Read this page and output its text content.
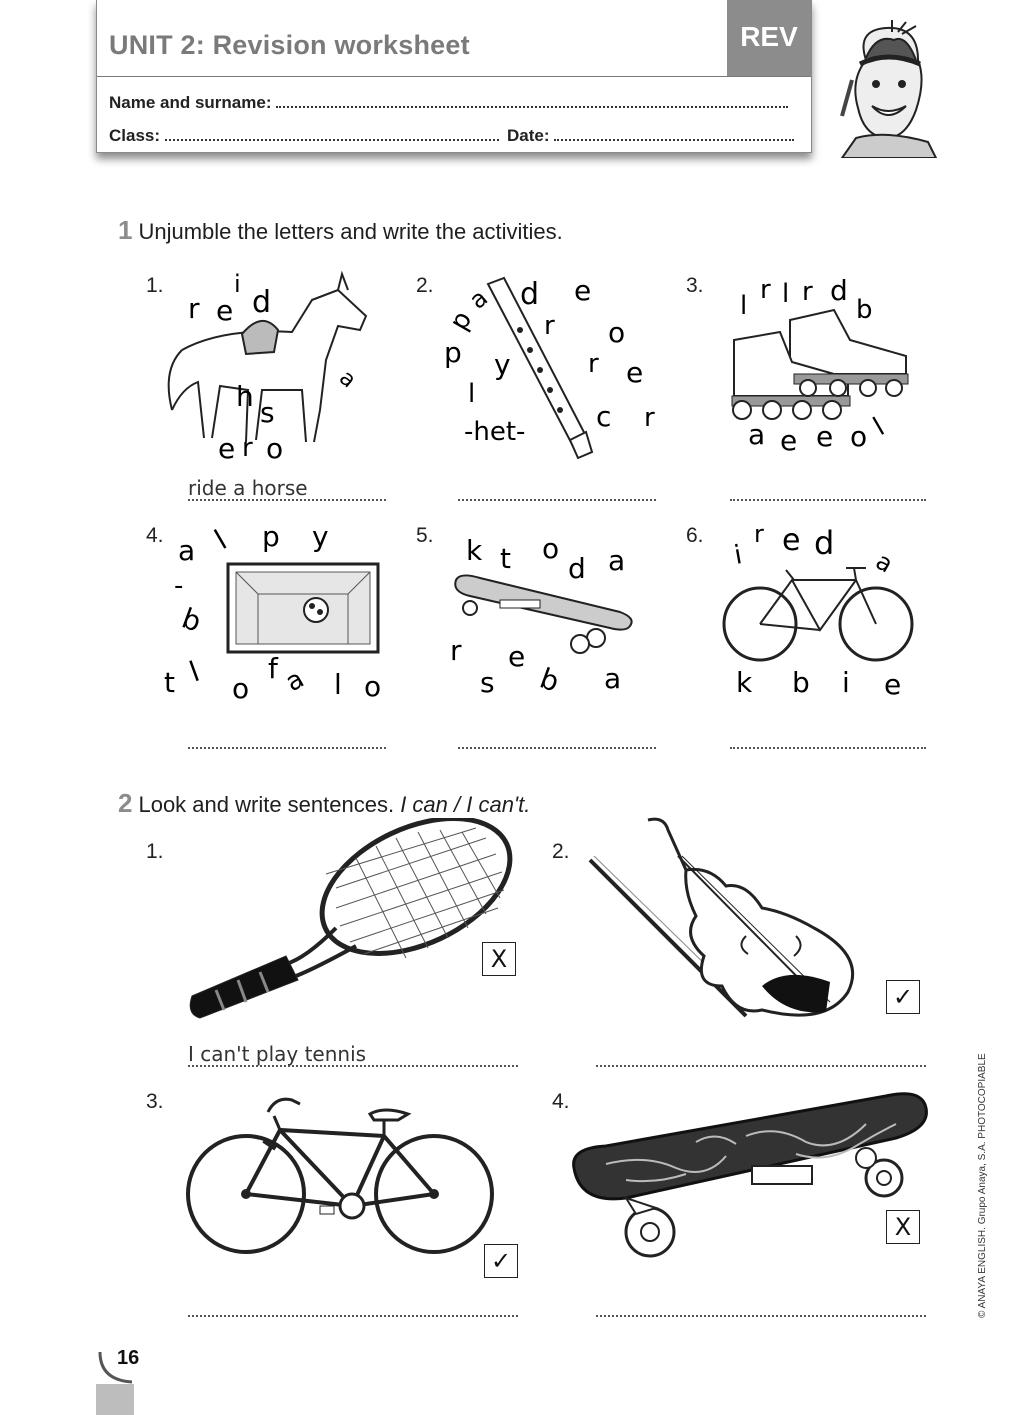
UNIT 2: Revision worksheet	REV
Name and surname:
Class:	Date:
1 Unjumble the letters and write the activities.
1.
r e
i
d
a
h s
e r o
ride a horse
2.
p
a d e
r o
p y	r e
l
c r
-het-
3.
l
r l r d
b
a e e o l
4. a l p y
-
b
t l o
f a l o
5. k t o
d a
r e
s b a
6.
i
r e d
a
k b i e
2 Look and write sentences. I can / I can't.
1.
X
I can't play tennis
2.
✓
3.
✓
4.
X	© ANAYA ENGLISH. Grupo Anaya, S.A. PHOTOCOPIABLE
16
